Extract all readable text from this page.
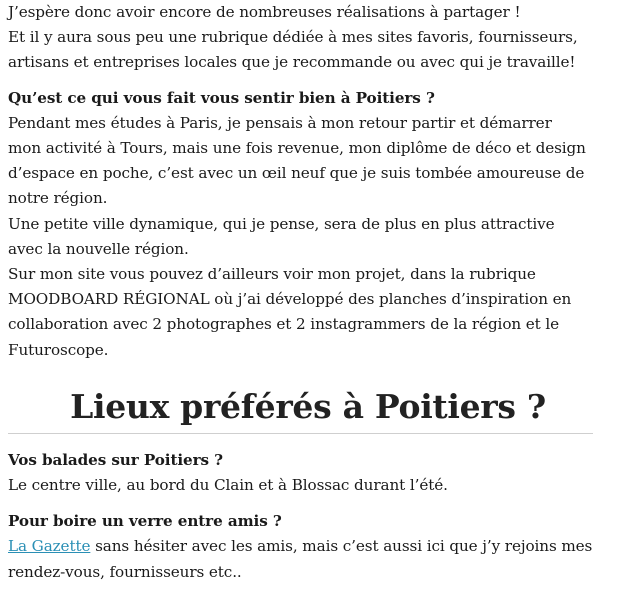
J’espère donc avoir encore de nombreuses réalisations à partager !

Et il y aura sous peu une rubrique dédiée à mes sites favoris, fournisseurs,

artisans et entreprises locales que je recommande ou avec qui je travaille!

Qu’est ce qui vous fait vous sentir bien à Poitiers ?

Pendant mes études à Paris, je pensais à mon retour partir et démarrer

mon activité à Tours, mais une fois revenue, mon diplôme de déco et design

d’espace en poche, c’est avec un œil neuf que je suis tombée amoureuse de

notre région.

Une petite ville dynamique, qui je pense, sera de plus en plus attractive

avec la nouvelle région.

Sur mon site vous pouvez d’ailleurs voir mon projet, dans la rubrique

MOODBOARD RÉGIONAL où j’ai développé des planches d’inspiration en

collaboration avec 2 photographes et 2 instagrammers de la région et le

Futuroscope.

Lieux préférés à Poitiers ?

Vos balades sur Poitiers ?

Le centre ville, au bord du Clain et à Blossac durant l’été.

Pour boire un verre entre amis ?

La Gazette sans hésiter avec les amis, mais c’est aussi ici que j’y rejoins mes

rendez-vous, fournisseurs etc..
